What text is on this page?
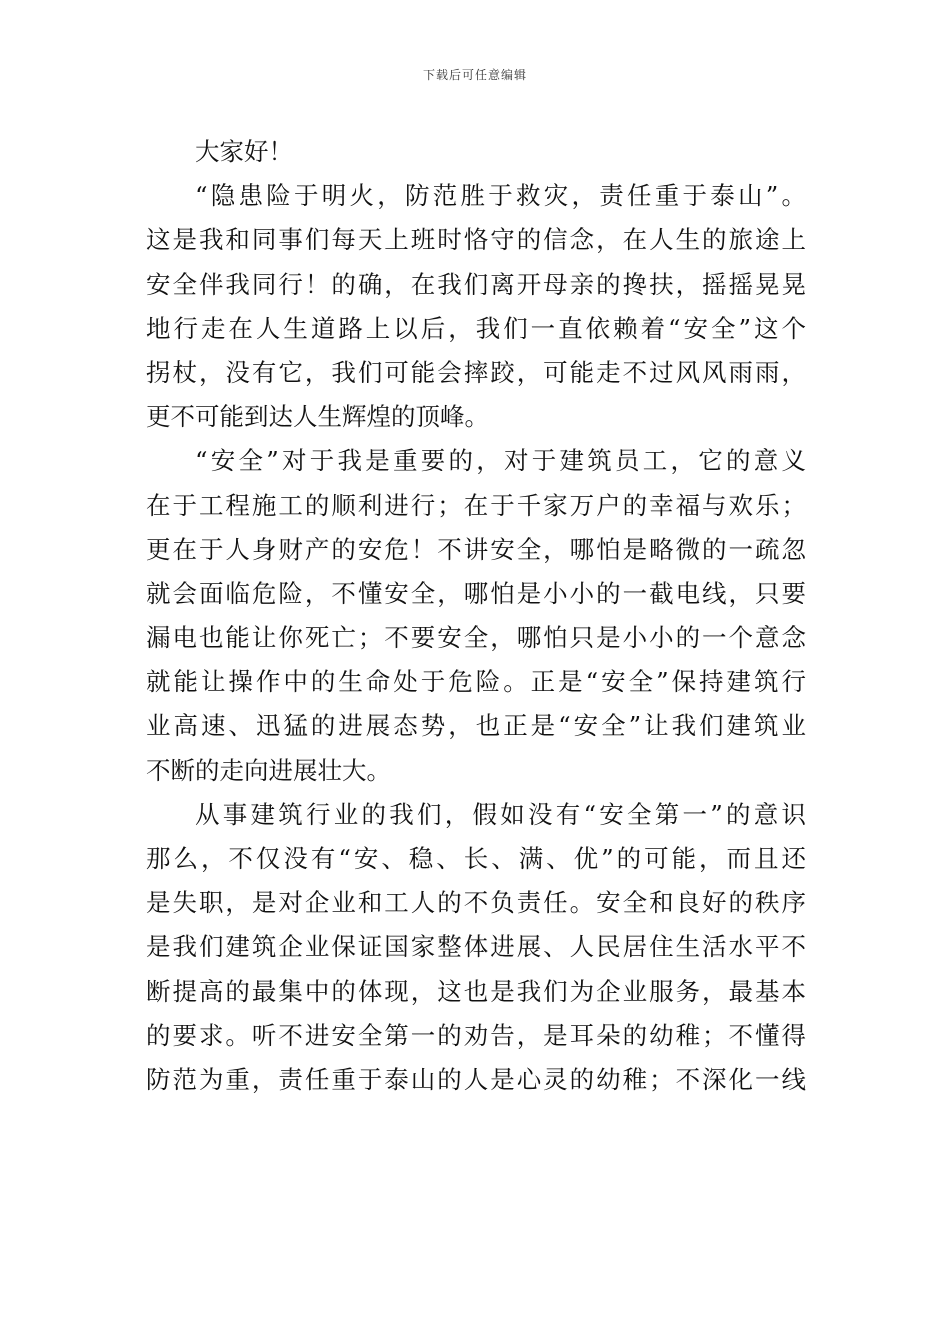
下载后可任意编辑
大家好！
“隐患险于明火，防范胜于救灾，责任重于泰山”。
这是我和同事们每天上班时恪守的信念，在人生的旅途上
安全伴我同行！的确，在我们离开母亲的搀扶，摇摇晃晃
地行走在人生道路上以后，我们一直依赖着“安全”这个
拐杖，没有它，我们可能会摔跤，可能走不过风风雨雨，
更不可能到达人生辉煌的顶峰。
“安全”对于我是重要的，对于建筑员工，它的意义
在于工程施工的顺利进行；在于千家万户的幸福与欢乐；
更在于人身财产的安危！不讲安全，哪怕是略微的一疏忽
就会面临危险，不懂安全，哪怕是小小的一截电线，只要
漏电也能让你死亡；不要安全，哪怕只是小小的一个意念
就能让操作中的生命处于危险。正是“安全”保持建筑行
业高速、迅猛的进展态势，也正是“安全”让我们建筑业
不断的走向进展壮大。
从事建筑行业的我们，假如没有“安全第一”的意识
那么，不仅没有“安、稳、长、满、优”的可能，而且还
是失职，是对企业和工人的不负责任。安全和良好的秩序
是我们建筑企业保证国家整体进展、人民居住生活水平不
断提高的最集中的体现，这也是我们为企业服务，最基本
的要求。听不进安全第一的劝告，是耳朵的幼稚；不懂得
防范为重，责任重于泰山的人是心灵的幼稚；不深化一线
